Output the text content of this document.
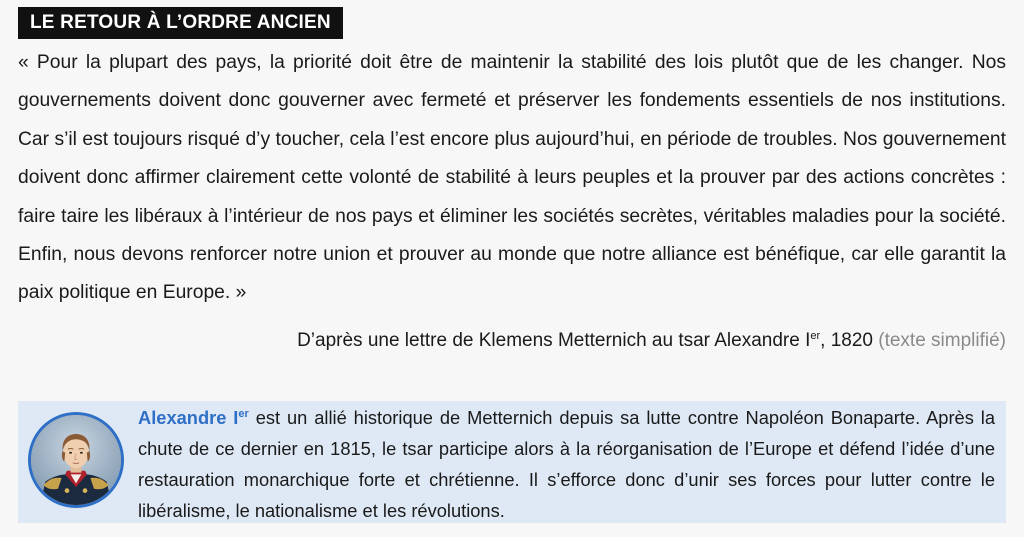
LE RETOUR À L’ORDRE ANCIEN
« Pour la plupart des pays, la priorité doit être de maintenir la stabilité des lois plutôt que de les changer. Nos gouvernements doivent donc gouverner avec fermeté et préserver les fondements essentiels de nos institutions. Car s’il est toujours risqué d’y toucher, cela l’est encore plus aujourd’hui, en période de troubles. Nos gouvernement doivent donc affirmer clairement cette volonté de stabilité à leurs peuples et la prouver par des actions concrètes : faire taire les libéraux à l’intérieur de nos pays et éliminer les sociétés secrètes, véritables maladies pour la société. Enfin, nous devons renforcer notre union et prouver au monde que notre alliance est bénéfique, car elle garantit la paix politique en Europe. »
D’après une lettre de Klemens Metternich au tsar Alexandre Ier, 1820 (texte simplifié)
Alexandre Ier est un allié historique de Metternich depuis sa lutte contre Napoléon Bonaparte. Après la chute de ce dernier en 1815, le tsar participe alors à la réorganisation de l’Europe et défend l’idée d’une restauration monarchique forte et chrétienne. Il s’efforce donc d’unir ses forces pour lutter contre le libéralisme, le nationalisme et les révolutions.
